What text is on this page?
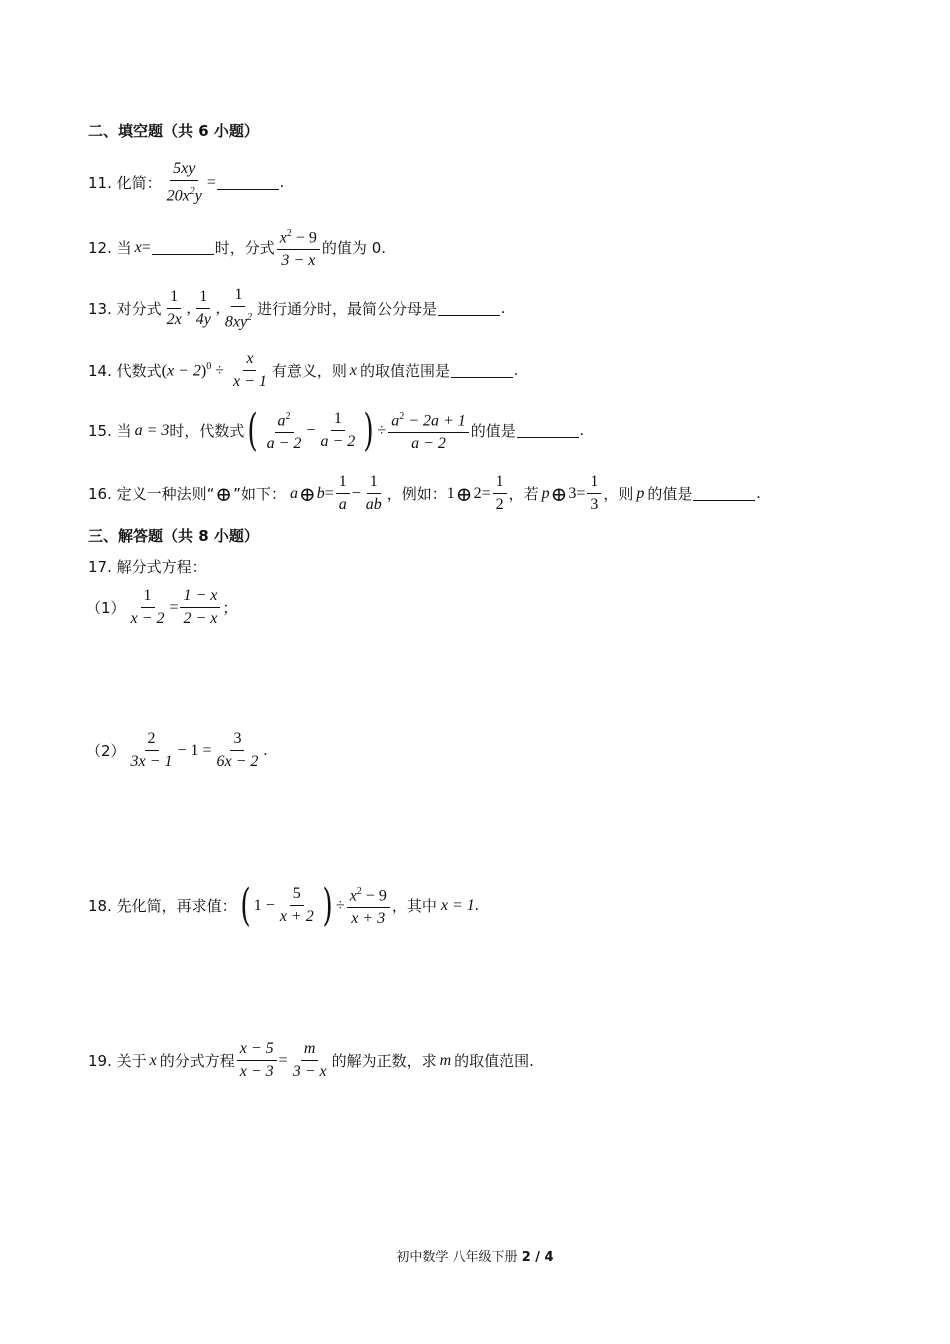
二、填空题（共 6 小题）
11. 化简： $\frac{5xy}{20x^2y}$ =	.
12. 当 x =	时，分式 $\frac{x^2 - 9}{3 - x}$ 的值为 0.
13. 对分式 $\frac{1}{2x}$ , $\frac{1}{4y}$ , $\frac{1}{8xy^2}$ 进行通分时，最简公分母是	.
14. 代数式 $(x - 2)^0 \div \frac{x}{x - 1}$ 有意义，则 x 的取值范围是	.
15. 当 a = 3 时，代数式 ( $\frac{a^2}{a - 2} - \frac{1}{a - 2}$ ) ÷ $\frac{a^2 - 2a + 1}{a - 2}$ 的值是	.
16. 定义一种法则“ ⊕ ”如下： a ⊕ $b = \frac{1}{a} - \frac{1}{ab}$ ，例如： 1 ⊕ $2 = \frac{1}{2}$ ，若 p ⊕ $3 = \frac{1}{3}$ ，则 p 的值是	.
三、解答题（共 8 小题）
17. 解分式方程：
$(1) \frac{1}{x - 2} = \frac{1 - x}{2 - x}$ ；
$(2) \frac{2}{3x - 1} - 1 = \frac{3}{6x - 2}$ .
18. 先化简，再求值： ( $1 - \frac{5}{x + 2}$ ) ÷ $\frac{x^2 - 9}{x + 3}$ ，其中 x = 1 .
19. 关于 x 的分式方程 $\frac{x - 5}{x - 3} = \frac{m}{3 - x}$ 的解为正数，求 m 的取值范围.
初中数学 八年级下册 2 / 4
